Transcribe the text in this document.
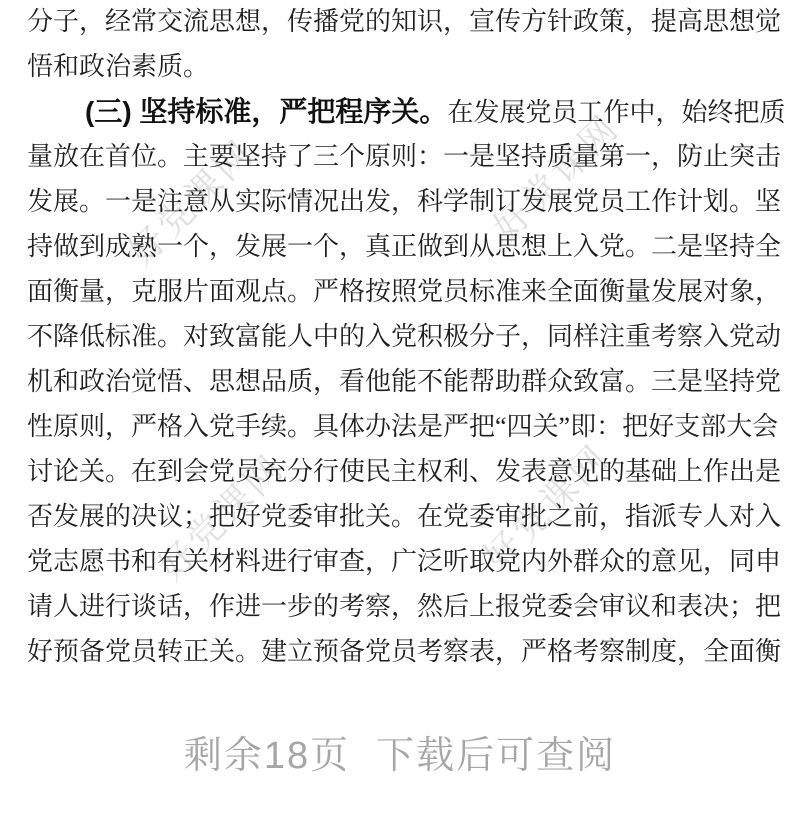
好党课网	好党课网
好党课网	好党课网
分子，经常交流思想，传播党的知识，宣传方针政策，提高思想觉
悟和政治素质。
(三) 坚持标准，严把程序关。在发展党员工作中，始终把质
量放在首位。主要坚持了三个原则：一是坚持质量第一，防止突击
发展。一是注意从实际情况出发，科学制订发展党员工作计划。坚
持做到成熟一个，发展一个，真正做到从思想上入党。二是坚持全
面衡量，克服片面观点。严格按照党员标准来全面衡量发展对象，
不降低标准。对致富能人中的入党积极分子，同样注重考察入党动
机和政治觉悟、思想品质，看他能不能帮助群众致富。三是坚持党
性原则，严格入党手续。具体办法是严把“四关”即：把好支部大会
讨论关。在到会党员充分行使民主权利、发表意见的基础上作出是
否发展的决议；把好党委审批关。在党委审批之前，指派专人对入
党志愿书和有关材料进行审查，广泛听取党内外群众的意见，同申
请人进行谈话，作进一步的考察，然后上报党委会审议和表决；把
好预备党员转正关。建立预备党员考察表，严格考察制度，全面衡
剩余18页 下载后可查阅
